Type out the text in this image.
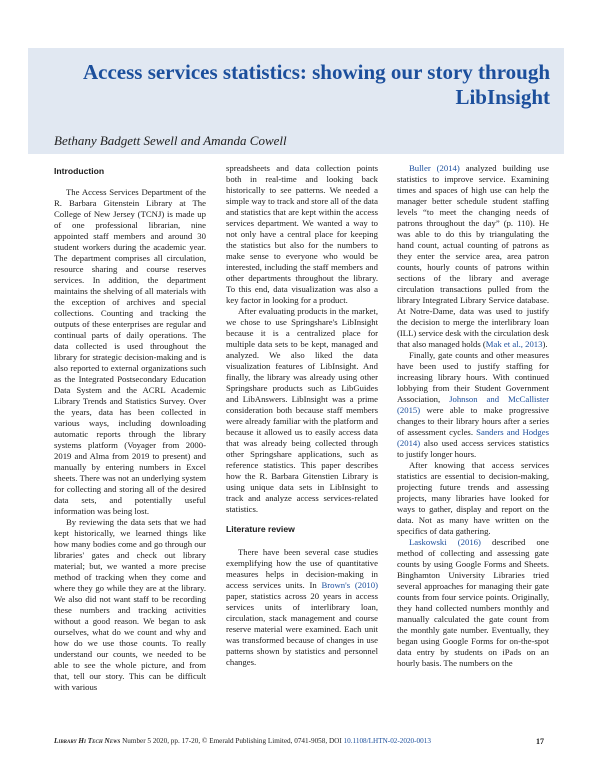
Access services statistics: showing our story through LibInsight
Bethany Badgett Sewell and Amanda Cowell
Introduction

The Access Services Department of the R. Barbara Gitenstein Library at The College of New Jersey (TCNJ) is made up of one professional librarian, nine appointed staff members and around 30 student workers during the academic year. The department comprises all circulation, resource sharing and course reserves services. In addition, the department maintains the shelving of all materials with the exception of archives and special collections. Counting and tracking the outputs of these enterprises are regular and continual parts of daily operations. The data collected is used throughout the library for strategic decision-making and is also reported to external organizations such as the Integrated Postsecondary Education Data System and the ACRL Academic Library Trends and Statistics Survey. Over the years, data has been collected in various ways, including downloading automatic reports through the library systems platform (Voyager from 2000-2019 and Alma from 2019 to present) and manually by entering numbers in Excel sheets. There was not an underlying system for collecting and storing all of the desired data sets, and potentially useful information was being lost.

By reviewing the data sets that we had kept historically, we learned things like how many bodies come and go through our libraries' gates and check out library material; but, we wanted a more precise method of tracking when they come and where they go while they are at the library. We also did not want staff to be recording these numbers and tracking activities without a good reason. We began to ask ourselves, what do we count and why and how do we use those counts. To really understand our counts, we needed to be able to see the whole picture, and from that, tell our story. This can be difficult with various

spreadsheets and data collection points both in real-time and looking back historically to see patterns. We needed a simple way to track and store all of the data and statistics that are kept within the access services department. We wanted a way to not only have a central place for keeping the statistics but also for the numbers to make sense to everyone who would be interested, including the staff members and other departments throughout the library. To this end, data visualization was also a key factor in looking for a product.

After evaluating products in the market, we chose to use Springshare's LibInsight because it is a centralized place for multiple data sets to be kept, managed and analyzed. We also liked the data visualization features of LibInsight. And finally, the library was already using other Springshare products such as LibGuides and LibAnswers. LibInsight was a prime consideration both because staff members were already familiar with the platform and because it allowed us to easily access data that was already being collected through other Springshare applications, such as reference statistics. This paper describes how the R. Barbara Gitenstien Library is using unique data sets in LibInsight to track and analyze access services-related statistics.

Literature review

There have been several case studies exemplifying how the use of quantitative measures helps in decision-making in access services units. In Brown's (2010) paper, statistics across 20 years in access services units of interlibrary loan, circulation, stack management and course reserve material were examined. Each unit was transformed because of changes in use patterns shown by statistics and personnel changes.

Buller (2014) analyzed building use statistics to improve service. Examining times and spaces of high use can help the manager better schedule student staffing levels “to meet the changing needs of patrons throughout the day” (p. 110). He was able to do this by triangulating the hand count, actual counting of patrons as they enter the service area, area patron counts, hourly counts of patrons within sections of the library and average circulation transactions pulled from the library Integrated Library Service database. At Notre-Dame, data was used to justify the decision to merge the interlibrary loan (ILL) service desk with the circulation desk that also managed holds (Mak et al., 2013).

Finally, gate counts and other measures have been used to justify staffing for increasing library hours. With continued lobbying from their Student Government Association, Johnson and McCallister (2015) were able to make progressive changes to their library hours after a series of assessment cycles. Sanders and Hodges (2014) also used access services statistics to justify longer hours.

After knowing that access services statistics are essential to decision-making, projecting future trends and assessing projects, many libraries have looked for ways to gather, display and report on the data. Not as many have written on the specifics of data gathering.

Laskowski (2016) described one method of collecting and assessing gate counts by using Google Forms and Sheets. Binghamton University Libraries tried several approaches for managing their gate counts from four service points. Originally, they hand collected numbers monthly and manually calculated the gate count from the monthly gate number. Eventually, they began using Google Forms for on-the-spot data entry by students on iPads on an hourly basis. The numbers on the

Library Hi Tech News Number 5 2020, pp. 17-20, © Emerald Publishing Limited, 0741-9058, DOI 10.1108/LHTN-02-2020-0013	17
